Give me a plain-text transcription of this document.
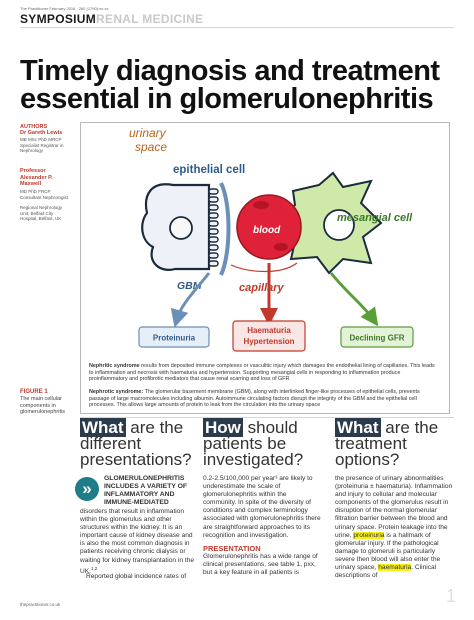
The Practitioner February 2016 ; 260 (1790):xx-xx
SYMPOSIUMRENAL MEDICINE
Timely diagnosis and treatment essential in glomerulonephritis
AUTHORS
Dr Gareth Lewis
MB MSc PhD MRCP Specialist Registrar in Nephrology
Professor Alexander P. Maxwell
MD PhD FRCP Consultant Nephrologist
Regional Nephrology Unit, Belfast City Hospital, Belfast, UK
urinary
space
epithelial cell
blood
mesangial cell
GBM	capillary
Proteinuria
Haematuria
Hypertension	Declining GFR
Nephritic syndrome results from deposited immune complexes or vasculitic injury which damages the endothelial lining of capillaries. This leads to inflammation and necrosis with haematuria and hypertension. Supporting mesangial cells in responding to inflammation produce proinflammatory and profibrotic mediators that cause renal scarring and loss of GFR
Nephrotic syndrome: The glomerular basement membrane (GBM), along with interlinked finger-like processes of epithelial cells, prevents passage of large macromolecules including albumin. Autoimmune circulating factors disrupt the integrity of the GBM and the epithelial cell processes. This allows large amounts of protein to leak from the circulation into the urinary space
FIGURE 1
The main cellular components in glomerulonephritis
What are the different presentations?
How should patients be investigated?
What are the treatment options?
»
GLOMERULONEPHRITIS INCLUDES A VARIETY OF INFLAMMATORY AND IMMUNE-MEDIATED
disorders that result in inflammation within the glomerulus and other structures within the kidney. It is an important cause of kidney disease and is also the most common diagnosis in patients receiving chronic dialysis or waiting for kidney transplantation in the UK.$^{1,2}$
Reported global incidence rates of
0.2-2.5/100,000 per year³ are likely to underestimate the scale of glomerulonephritis within the community. In spite of the diversity of conditions and complex terminology associated with glomerulonephritis there are straightforward approaches to its recognition and investigation.
PRESENTATION
Glomerulonephritis has a wide range of clinical presentations, see table 1, pxx, but a key feature in all patients is
the presence of urinary abnormalities (proteinuria ± haematuria). Inflammation and injury to cellular and molecular components of the glomerulus result in disruption of the normal glomerular filtration barrier between the blood and urinary space. Protein leakage into the urine, proteinuria is a hallmark of glomerular injury. If the pathological damage to glomeruli is particularly severe then blood will also enter the urinary space, haematuria. Clinical descriptions of
thepractitioner.co.uk	1
